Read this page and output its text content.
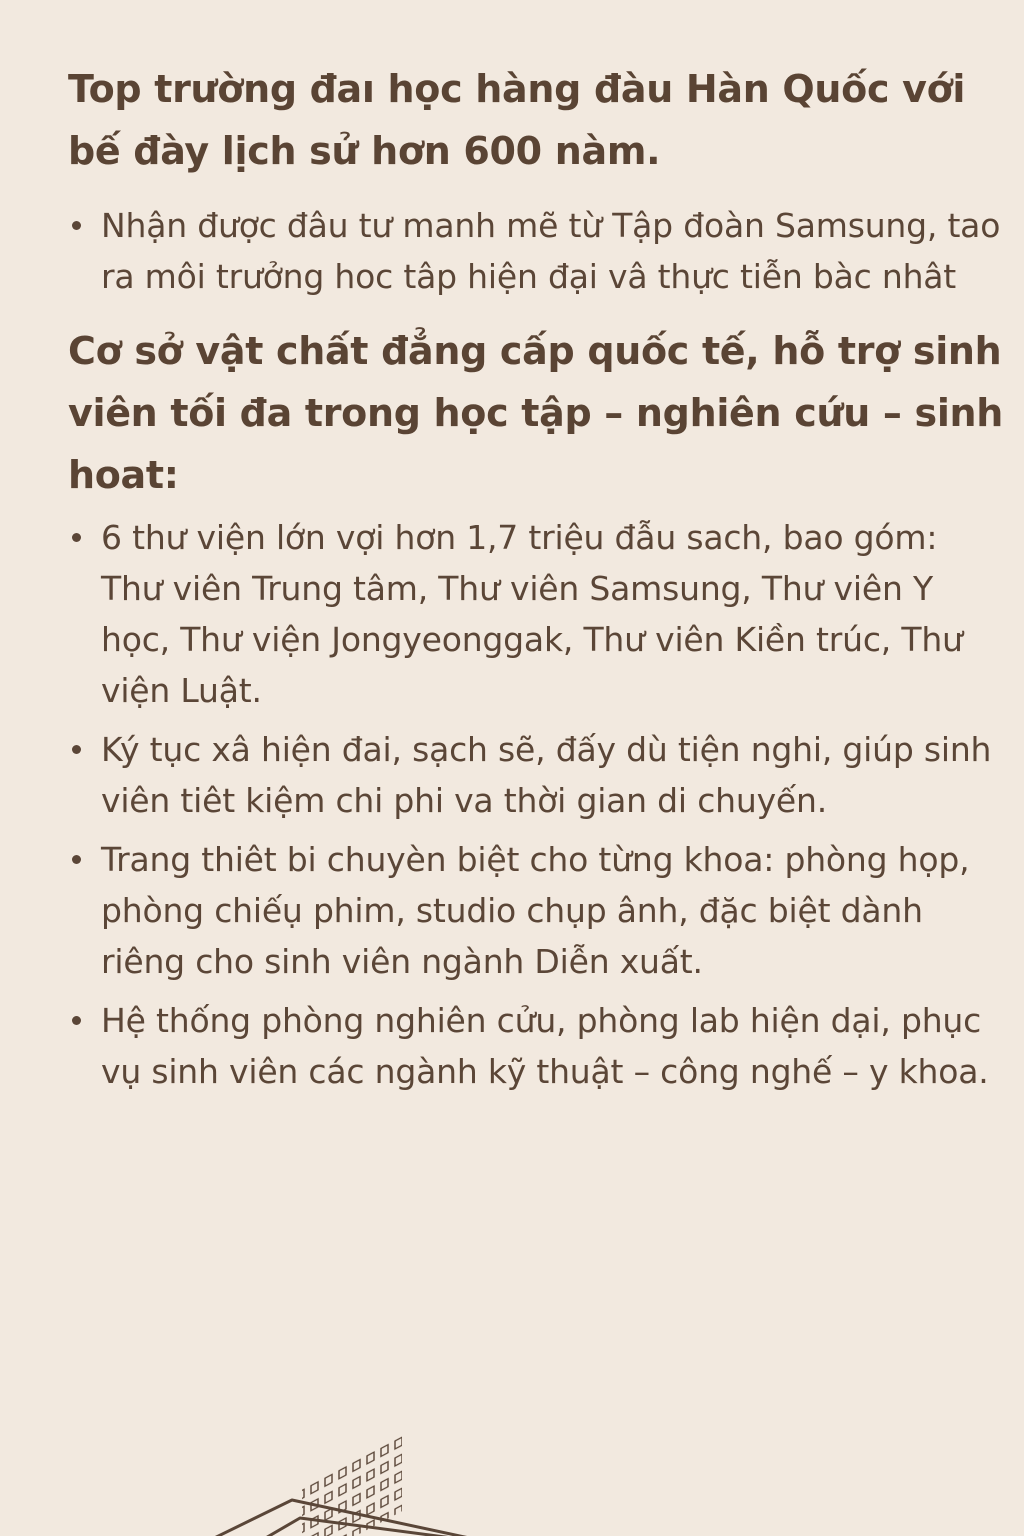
Top trường đaı học hàng đàu Hàn Quốc với bế đày lịch sử hơn 600 nàm.
Nhận được đâu tư manh mẽ từ Tập đoàn Samsung, tao ra môi trưởng hoc tâp hiện đại vâ thực tiễn bàc nhât
Cơ sở vật chất đẳng cấp quốc tế, hỗ trợ sinh viên tối đa trong học tập – nghiên cứu – sinh hoat:
6 thư viện lớn vợi hơn 1,7 triệu đẫu sach, bao góm: Thư viên Trung tâm, Thư viên Samsung, Thư viên Y học, Thư viện Jongyeonggak, Thư viên Kiền trúc, Thư viện Luật.
Ký tục xâ hiện đai, sạch sẽ, đấy dù tiện nghi, giúp sinh viên tiêt kiệm chi phi va thời gian di chuyến.
Trang thiêt bi chuyèn biệt cho từng khoa: phòng họp, phòng chiếụ phim, studio chụp ânh, đặc biệt dành riêng cho sinh viên ngành Diễn xuất.
Hệ thống phòng nghiên cửu, phòng lab hiện dại, phục vụ sinh viên các ngành kỹ thuật – công nghế – y khoa.
